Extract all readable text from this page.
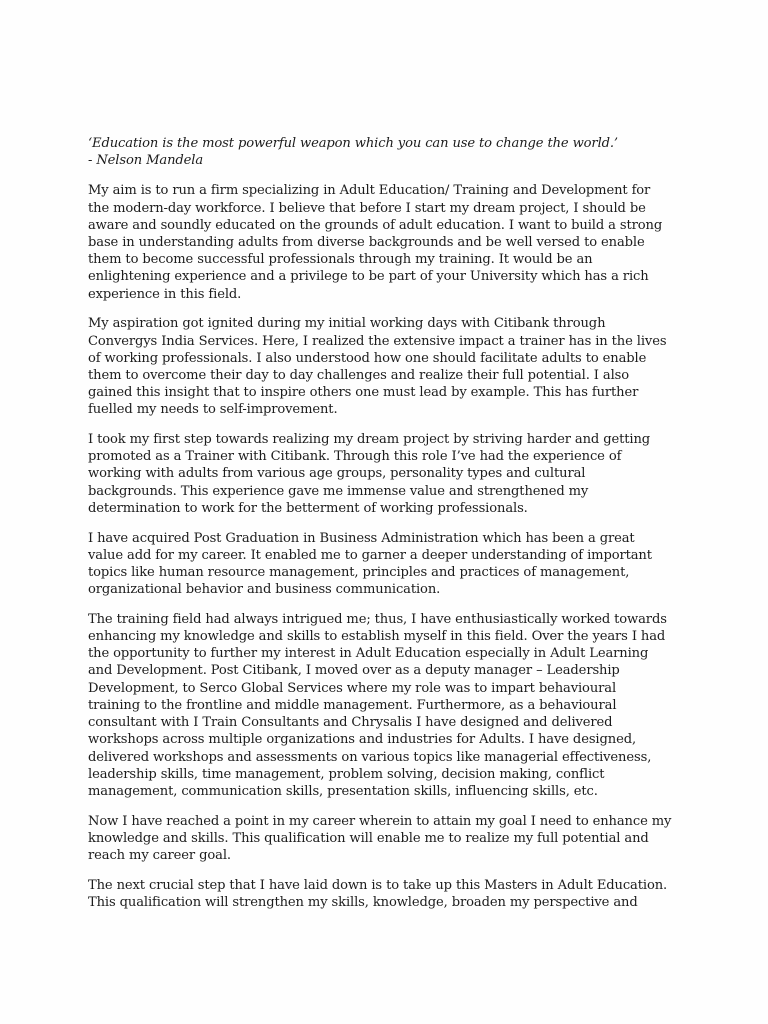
‘Education is the most powerful weapon which you can use to change the world.’
- Nelson Mandela
My aim is to run a firm specializing in Adult Education/ Training and Development for
the modern-day workforce. I believe that before I start my dream project, I should be
aware and soundly educated on the grounds of adult education. I want to build a strong
base in understanding adults from diverse backgrounds and be well versed to enable
them to become successful professionals through my training. It would be an
enlightening experience and a privilege to be part of your University which has a rich
experience in this field.
My aspiration got ignited during my initial working days with Citibank through
Convergys India Services. Here, I realized the extensive impact a trainer has in the lives
of working professionals. I also understood how one should facilitate adults to enable
them to overcome their day to day challenges and realize their full potential. I also
gained this insight that to inspire others one must lead by example. This has further
fuelled my needs to self-improvement.
I took my first step towards realizing my dream project by striving harder and getting
promoted as a Trainer with Citibank. Through this role I’ve had the experience of
working with adults from various age groups, personality types and cultural
backgrounds. This experience gave me immense value and strengthened my
determination to work for the betterment of working professionals.
I have acquired Post Graduation in Business Administration which has been a great
value add for my career. It enabled me to garner a deeper understanding of important
topics like human resource management, principles and practices of management,
organizational behavior and business communication.
The training field had always intrigued me; thus, I have enthusiastically worked towards
enhancing my knowledge and skills to establish myself in this field. Over the years I had
the opportunity to further my interest in Adult Education especially in Adult Learning
and Development. Post Citibank, I moved over as a deputy manager – Leadership
Development, to Serco Global Services where my role was to impart behavioural
training to the frontline and middle management. Furthermore, as a behavioural
consultant with I Train Consultants and Chrysalis I have designed and delivered
workshops across multiple organizations and industries for Adults. I have designed,
delivered workshops and assessments on various topics like managerial effectiveness,
leadership skills, time management, problem solving, decision making, conflict
management, communication skills, presentation skills, influencing skills, etc.
Now I have reached a point in my career wherein to attain my goal I need to enhance my
knowledge and skills. This qualification will enable me to realize my full potential and
reach my career goal.
The next crucial step that I have laid down is to take up this Masters in Adult Education.
This qualification will strengthen my skills, knowledge, broaden my perspective and
